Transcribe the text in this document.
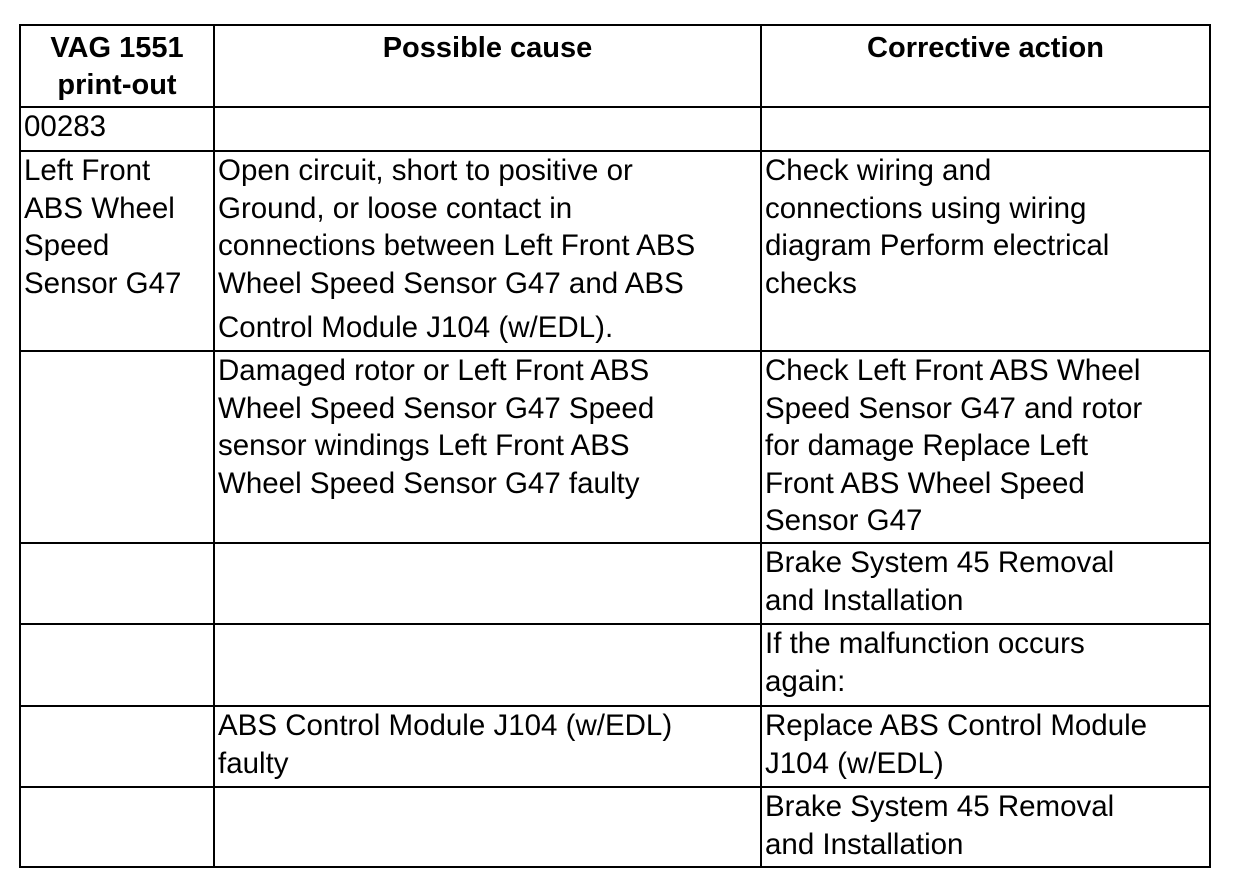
VAG 1551
print-out	Possible cause	Corrective action
00283		
Left Front
ABS Wheel
Speed
Sensor G47	Open circuit, short to positive or
Ground, or loose contact in
connections between Left Front ABS
Wheel Speed Sensor G47 and ABS
Control Module J104 (w/EDL).	Check wiring and
connections using wiring
diagram Perform electrical
checks
	Damaged rotor or Left Front ABS
Wheel Speed Sensor G47 Speed
sensor windings Left Front ABS
Wheel Speed Sensor G47 faulty	Check Left Front ABS Wheel
Speed Sensor G47 and rotor
for damage Replace Left
Front ABS Wheel Speed
Sensor G47
		Brake System 45 Removal
and Installation
		If the malfunction occurs
again:
	ABS Control Module J104 (w/EDL)
faulty	Replace ABS Control Module
J104 (w/EDL)
		Brake System 45 Removal
and Installation
